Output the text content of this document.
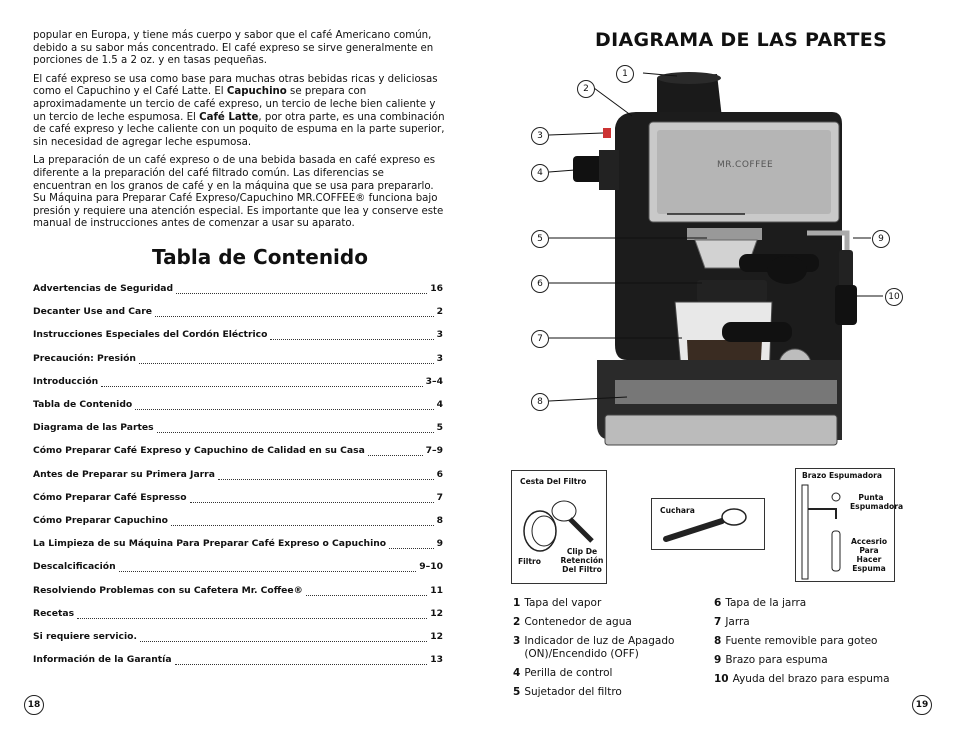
popular en Europa, y tiene más cuerpo y sabor que el café Americano común, debido a su sabor más concentrado. El café expreso se sirve generalmente en porciones de 1.5 a 2 oz. y en tasas pequeñas.

El café expreso se usa como base para muchas otras bebidas ricas y deliciosas como el Capuchino y el Café Latte. El Capuchino se prepara con aproximadamente un tercio de café expreso, un tercio de leche bien caliente y un tercio de leche espumosa. El Café Latte, por otra parte, es una combinación de café expreso y leche caliente con un poquito de espuma en la parte superior, sin necesidad de agregar leche espumosa.

La preparación de un café expreso o de una bebida basada en café expreso es diferente a la preparación del café filtrado común. Las diferencias se encuentran en los granos de café y en la máquina que se usa para prepararlo. Su Máquina para Preparar Café Expreso/Capuchino MR.COFFEE® funciona bajo presión y requiere una atención especial. Es importante que lea y conserve este manual de instrucciones antes de comenzar a usar su aparato.

Tabla de Contenido
Advertencias de Seguridad	16
Decanter Use and Care	2
Instrucciones Especiales del Cordón Eléctrico	3
Precaución: Presión	3
Introducción	3–4
Tabla de Contenido	4
Diagrama de las Partes	5
Cómo Preparar Café Expreso y Capuchino de Calidad en su Casa	7–9
Antes de Preparar su Primera Jarra	6
Cómo Preparar Café Espresso	7
Cómo Preparar Capuchino	8
La Limpieza de su Máquina Para Preparar Café Expreso o Capuchino	9
Descalcificación	9–10
Resolviendo Problemas con su Cafetera Mr. Coffee®	11
Recetas	12
Si requiere servicio.	12
Información de la Garantía	13
18
DIAGRAMA DE LAS PARTES
MR.COFFEE
1
2
3
4
5
6
7
8
9
10
Cesta Del Filtro
Filtro
Clip De Retención Del Filtro
Cuchara
Brazo Espumadora
Punta Espumadora
Accesrio Para Hacer Espuma
1 Tapa del vapor
2 Contenedor de agua
3 Indicador de luz de Apagado (ON)/Encendido (OFF)
4 Perilla de control
5 Sujetador del filtro
6 Tapa de la jarra
7 Jarra
8 Fuente removible para goteo
9 Brazo para espuma
10 Ayuda del brazo para espuma
19
